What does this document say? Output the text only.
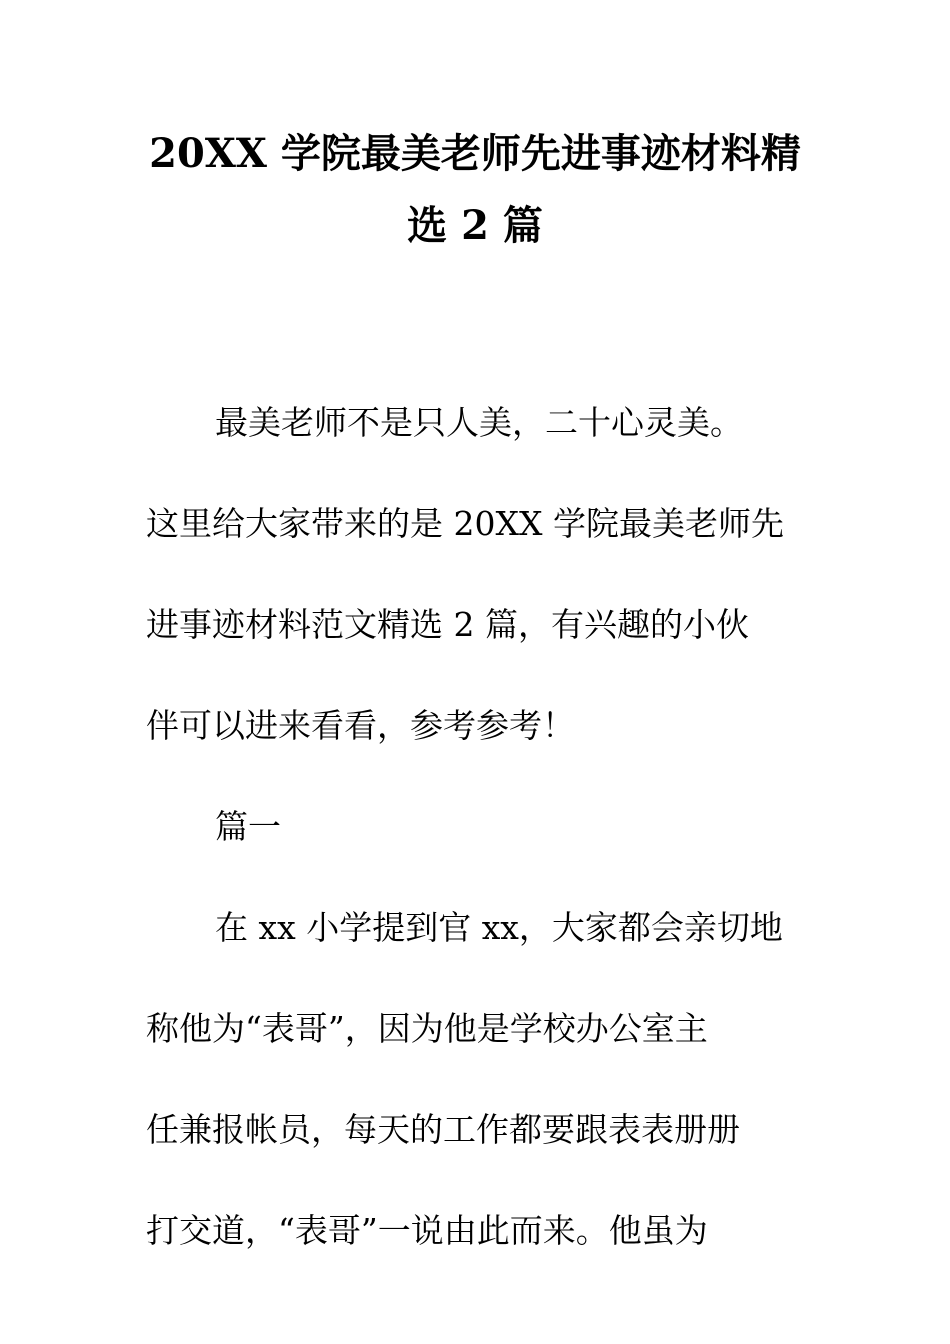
20XX 学院最美老师先进事迹材料精
选 2 篇
最美老师不是只人美，二十心灵美。
这里给大家带来的是 20XX 学院最美老师先
进事迹材料范文精选 2 篇，有兴趣的小伙
伴可以进来看看，参考参考！
篇一
在 xx 小学提到官 xx，大家都会亲切地
称他为“表哥”，因为他是学校办公室主
任兼报帐员，每天的工作都要跟表表册册
打交道，“表哥”一说由此而来。他虽为
